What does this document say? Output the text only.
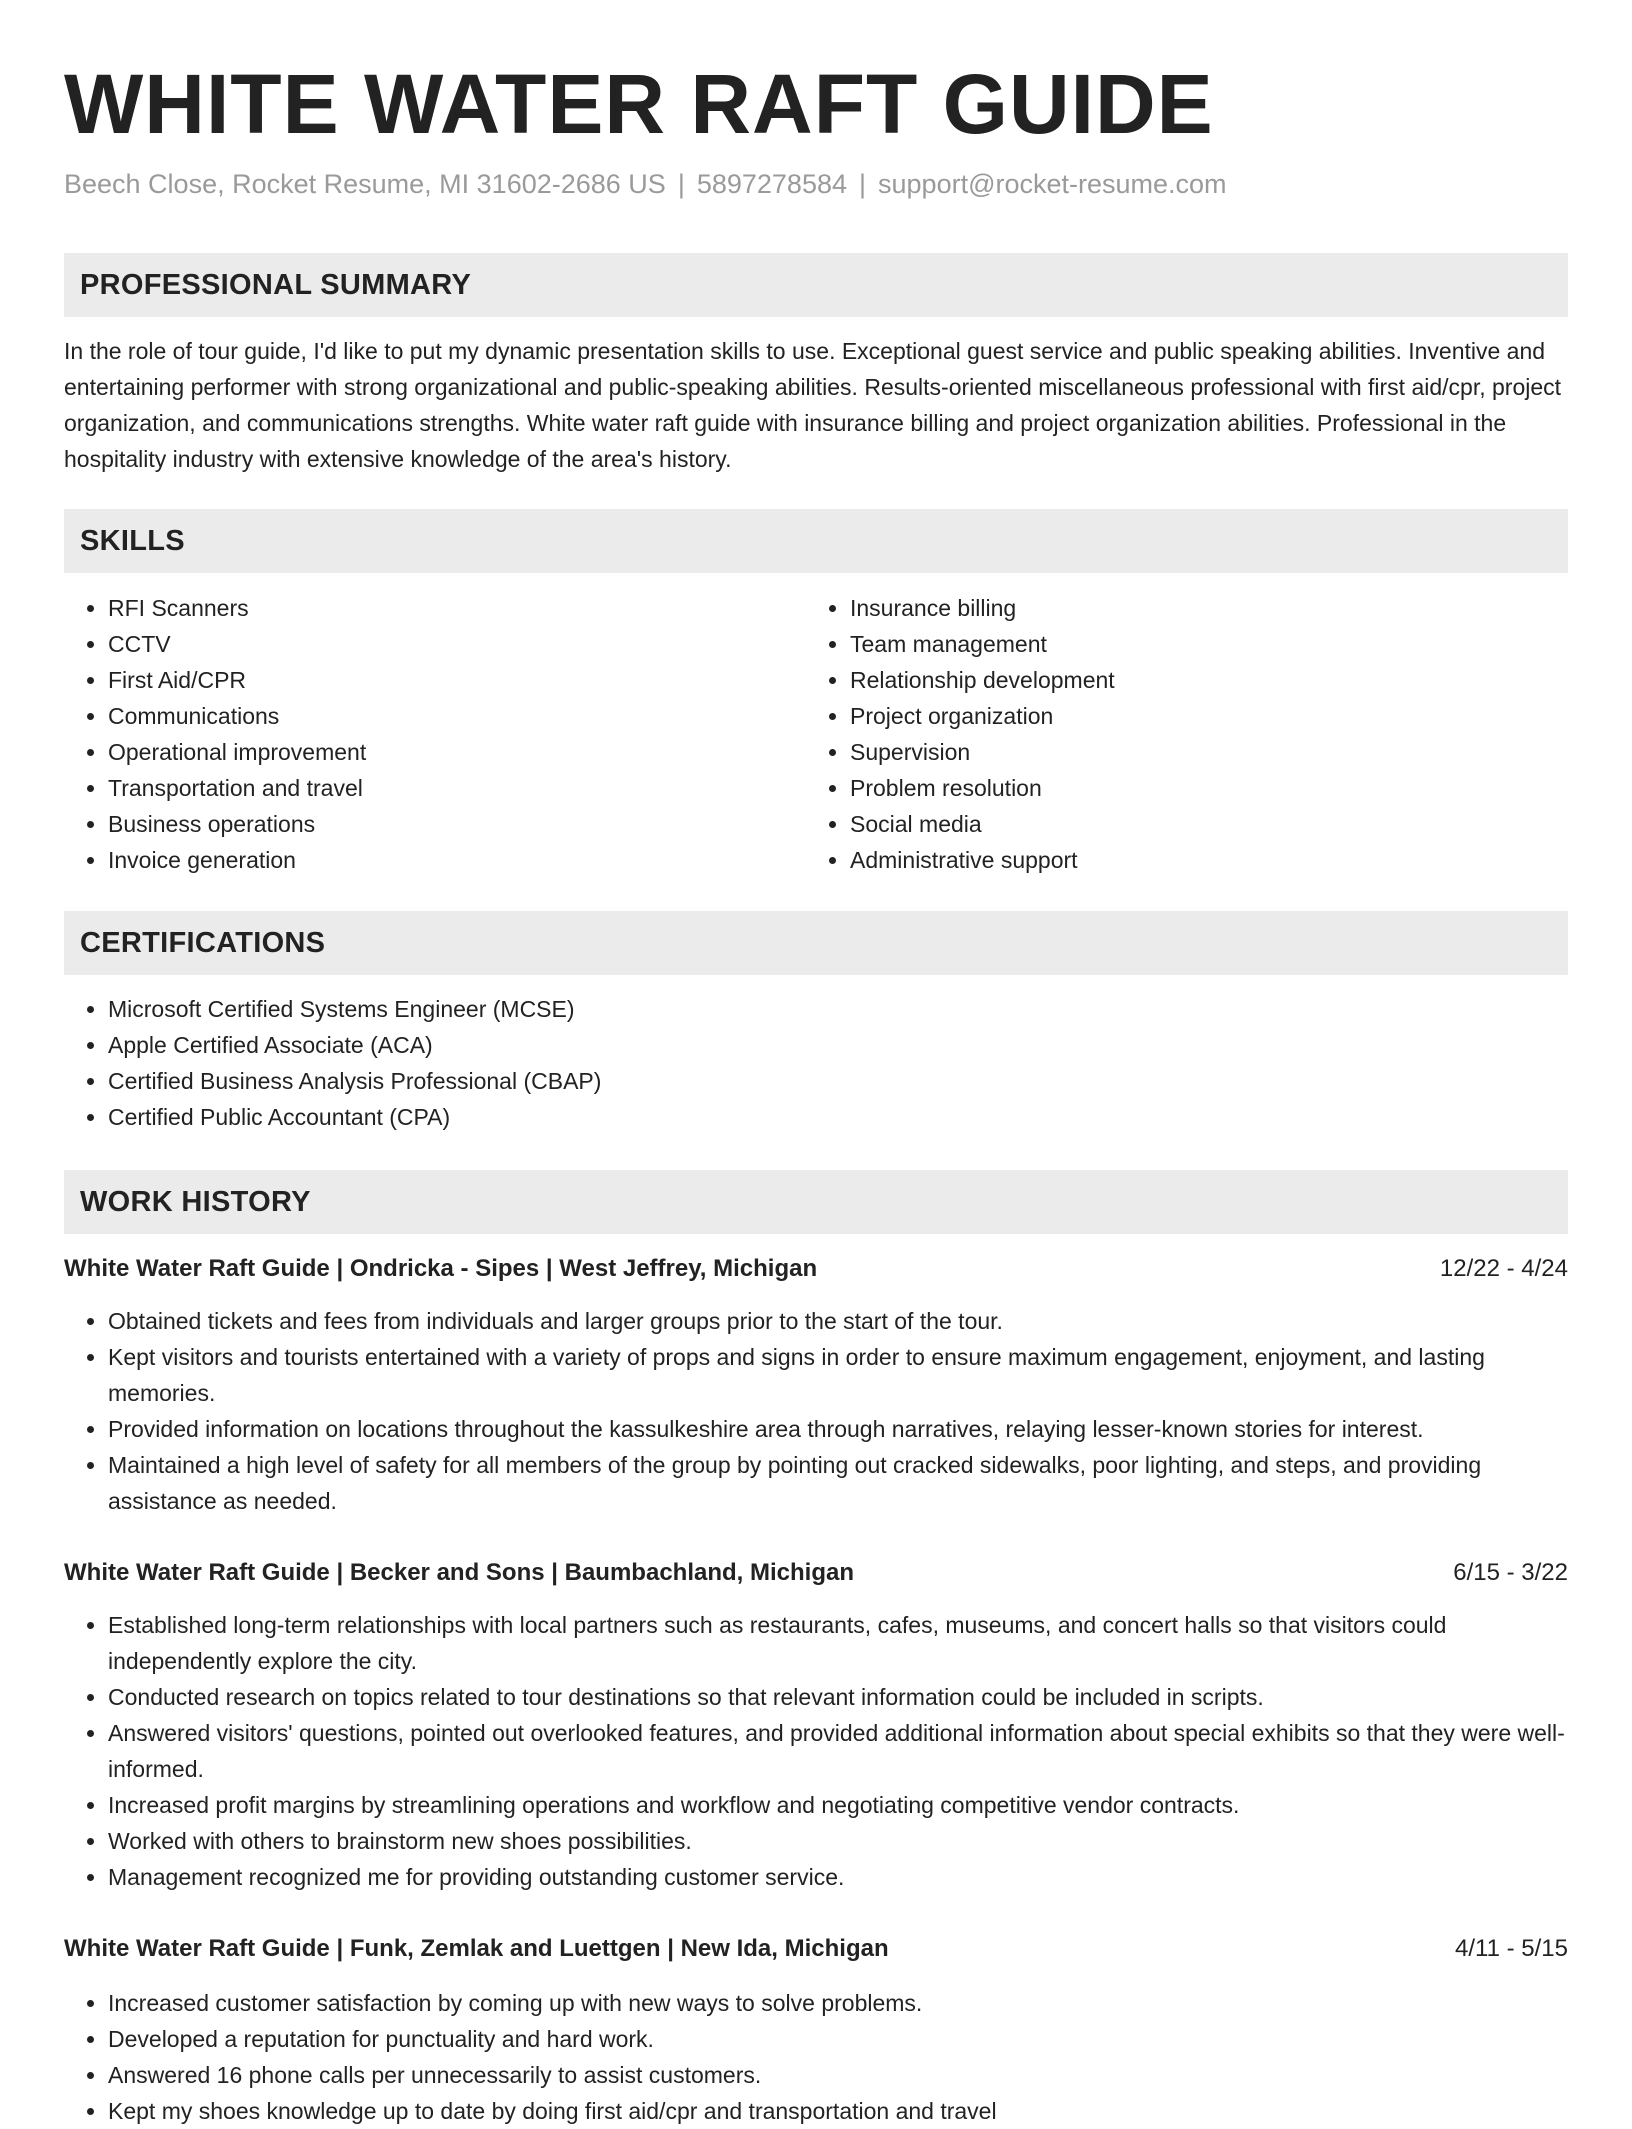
WHITE WATER RAFT GUIDE
Beech Close, Rocket Resume, MI 31602-2686 US | 5897278584 | support@rocket-resume.com
PROFESSIONAL SUMMARY

In the role of tour guide, I'd like to put my dynamic presentation skills to use. Exceptional guest service and public speaking abilities. Inventive and entertaining performer with strong organizational and public-speaking abilities. Results-oriented miscellaneous professional with first aid/cpr, project organization, and communications strengths. White water raft guide with insurance billing and project organization abilities. Professional in the hospitality industry with extensive knowledge of the area's history.

SKILLS
• RFI Scanners
• CCTV
• First Aid/CPR
• Communications
• Operational improvement
• Transportation and travel
• Business operations
• Invoice generation
• Insurance billing
• Team management
• Relationship development
• Project organization
• Supervision
• Problem resolution
• Social media
• Administrative support
CERTIFICATIONS
• Microsoft Certified Systems Engineer (MCSE)
• Apple Certified Associate (ACA)
• Certified Business Analysis Professional (CBAP)
• Certified Public Accountant (CPA)
WORK HISTORY
White Water Raft Guide | Ondricka - Sipes | West Jeffrey, Michigan	12/22 - 4/24
• Obtained tickets and fees from individuals and larger groups prior to the start of the tour.
• Kept visitors and tourists entertained with a variety of props and signs in order to ensure maximum engagement, enjoyment, and lasting memories.
• Provided information on locations throughout the kassulkeshire area through narratives, relaying lesser-known stories for interest.
• Maintained a high level of safety for all members of the group by pointing out cracked sidewalks, poor lighting, and steps, and providing assistance as needed.
White Water Raft Guide | Becker and Sons | Baumbachland, Michigan	6/15 - 3/22
• Established long-term relationships with local partners such as restaurants, cafes, museums, and concert halls so that visitors could independently explore the city.
• Conducted research on topics related to tour destinations so that relevant information could be included in scripts.
• Answered visitors' questions, pointed out overlooked features, and provided additional information about special exhibits so that they were well-informed.
• Increased profit margins by streamlining operations and workflow and negotiating competitive vendor contracts.
• Worked with others to brainstorm new shoes possibilities.
• Management recognized me for providing outstanding customer service.
White Water Raft Guide | Funk, Zemlak and Luettgen | New Ida, Michigan	4/11 - 5/15
• Increased customer satisfaction by coming up with new ways to solve problems.
• Developed a reputation for punctuality and hard work.
• Answered 16 phone calls per unnecessarily to assist customers.
• Kept my shoes knowledge up to date by doing first aid/cpr and transportation and travel
